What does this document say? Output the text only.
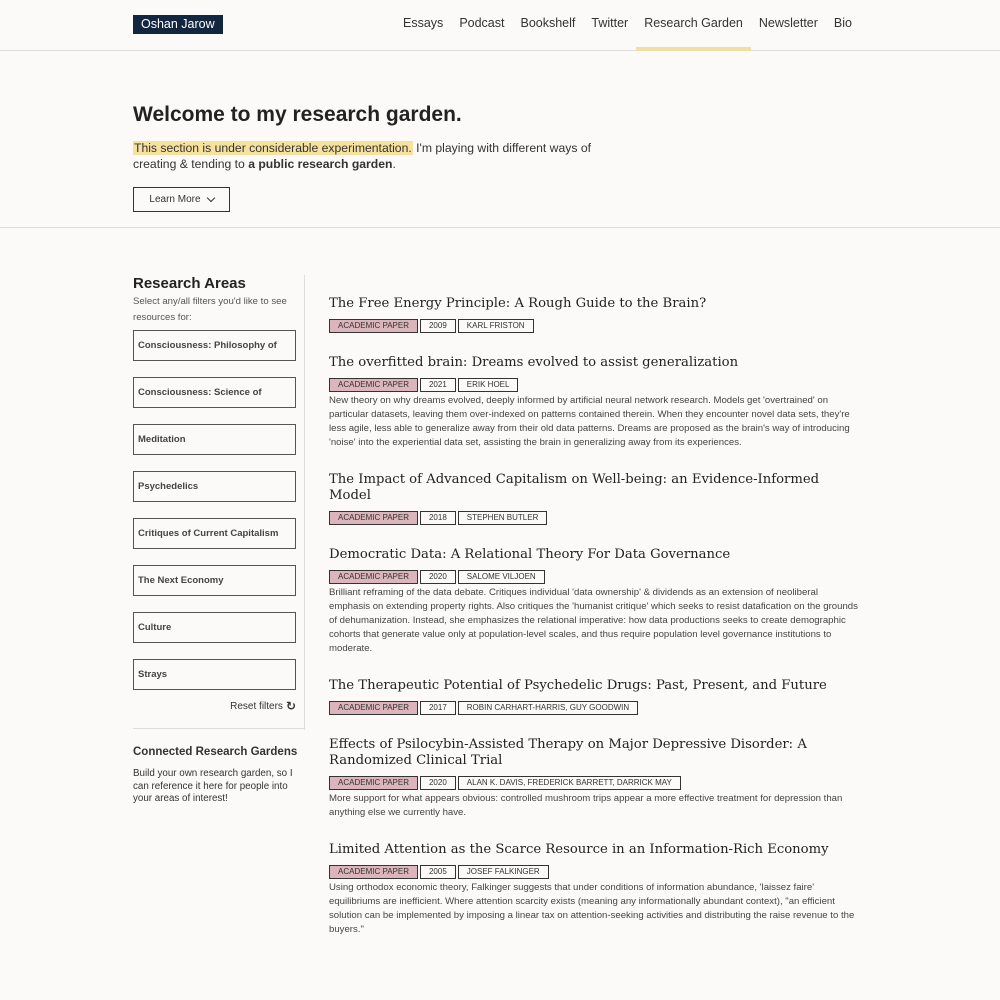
Oshan Jarow	Essays	Podcast	Bookshelf	Twitter	Research Garden	Newsletter	Bio
Welcome to my research garden.

This section is under considerable experimentation. I'm playing with different ways of creating & tending to a public research garden.

Learn More
Research Areas
Select any/all filters you'd like to see resources for:
Consciousness: Philosophy of
Consciousness: Science of
Meditation
Psychedelics
Critiques of Current Capitalism
The Next Economy
Culture
Strays
Reset filters ↻
Connected Research Gardens
Build your own research garden, so I can reference it here for people into your areas of interest!
The Free Energy Principle: A Rough Guide to the Brain?
ACADEMIC PAPER	2009	KARL FRISTON
The overfitted brain: Dreams evolved to assist generalization
ACADEMIC PAPER	2021	ERIK HOEL
New theory on why dreams evolved, deeply informed by artificial neural network research. Models get 'overtrained' on particular datasets, leaving them over-indexed on patterns contained therein. When they encounter novel data sets, they're less agile, less able to generalize away from their old data patterns. Dreams are proposed as the brain's way of introducing 'noise' into the experiential data set, assisting the brain in generalizing away from its experiences.
The Impact of Advanced Capitalism on Well-being: an Evidence-Informed Model
ACADEMIC PAPER	2018	STEPHEN BUTLER
Democratic Data: A Relational Theory For Data Governance
ACADEMIC PAPER	2020	SALOME VILJOEN
Brilliant reframing of the data debate. Critiques individual 'data ownership' & dividends as an extension of neoliberal emphasis on extending property rights. Also critiques the 'humanist critique' which seeks to resist datafication on the grounds of dehumanization. Instead, she emphasizes the relational imperative: how data productions seeks to create demographic cohorts that generate value only at population-level scales, and thus require population level governance institutions to moderate.
The Therapeutic Potential of Psychedelic Drugs: Past, Present, and Future
ACADEMIC PAPER	2017	ROBIN CARHART-HARRIS, GUY GOODWIN
Effects of Psilocybin-Assisted Therapy on Major Depressive Disorder: A Randomized Clinical Trial
ACADEMIC PAPER	2020	ALAN K. DAVIS, FREDERICK BARRETT, DARRICK MAY
More support for what appears obvious: controlled mushroom trips appear a more effective treatment for depression than anything else we currently have.
Limited Attention as the Scarce Resource in an Information-Rich Economy
ACADEMIC PAPER	2005	JOSEF FALKINGER
Using orthodox economic theory, Falkinger suggests that under conditions of information abundance, 'laissez faire' equilibriums are inefficient. Where attention scarcity exists (meaning any informationally abundant context), "an efficient solution can be implemented by imposing a linear tax on attention-seeking activities and distributing the raise revenue to the buyers."
